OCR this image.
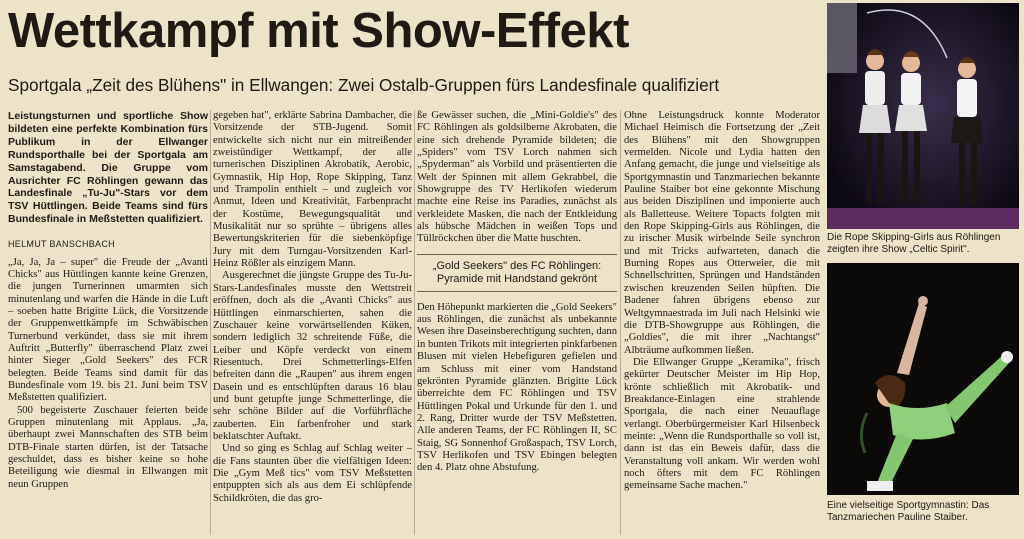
Wettkampf mit Show-Effekt
Sportgala „Zeit des Blühens" in Ellwangen: Zwei Ostalb-Gruppen fürs Landesfinale qualifiziert

Leistungsturnen und sportliche Show bildeten eine perfekte Kombination fürs Publikum in der Ellwanger Rundsporthalle bei der Sportgala am Samstagabend. Die Gruppe vom Ausrichter FC Röhlingen gewann das Landesfinale „Tu-Ju"-Stars vor dem TSV Hüttlingen. Beide Teams sind fürs Bundesfinale in Meßstetten qualifiziert.

HELMUT BANSCHBACH

„Ja, Ja, Ja – super" die Freude der „Avanti Chicks" aus Hüttlingen kannte keine Grenzen, die jungen Turnerinnen umarmten sich minutenlang und warfen die Hände in die Luft – soeben hatte Brigitte Lück, die Vorsitzende der Gruppenwettkämpfe im Schwäbischen Turnerbund verkündet, dass sie mit ihrem Auftritt „Butterfly" überraschend Platz zwei hinter Sieger „Gold Seekers" des FCR belegten. Beide Teams sind damit für das Bundesfinale vom 19. bis 21. Juni beim TSV Meßstetten qualifiziert.

500 begeisterte Zuschauer feierten beide Gruppen minutenlang mit Applaus. „Ja, überhaupt zwei Mannschaften des STB beim DTB-Finale starten dürfen, ist der Tatsache geschuldet, dass es bisher keine so hohe Beteiligung wie diesmal in Ellwangen mit neun Gruppen

gegeben hat", erklärte Sabrina Dambacher, die Vorsitzende der STB-Jugend. Somit entwickelte sich nicht nur ein mitreißender zweistündiger Wettkampf, der alle turnerischen Disziplinen Akrobatik, Aerobic, Gymnastik, Hip Hop, Rope Skipping, Tanz und Trampolin enthielt – und zugleich vor Anmut, Ideen und Kreativität, Farbenpracht der Kostüme, Bewegungsqualität und Musikalität nur so sprühte – übrigens alles Bewertungskriterien für die siebenköpfige Jury mit dem Turngau-Vorsitzenden Karl-Heinz Rößler als einzigem Mann.

Ausgerechnet die jüngste Gruppe des Tu-Ju-Stars-Landesfinales musste den Wettstreit eröffnen, doch als die „Avanti Chicks" aus Hüttlingen einmarschierten, sahen die Zuschauer keine vorwärtsellenden Küken, sondern lediglich 32 schreitende Füße, die Leiber und Köpfe verdeckt von einem Riesentuch. Drei Schmetterlings-Elfen befreiten dann die „Raupen" aus ihrem engen Dasein und es entschlüpften daraus 16 blau und bunt getupfte junge Schmetterlinge, die sehr schöne Bilder auf die Vorführfläche zauberten. Ein farbenfroher und stark beklatschter Auftakt.

Und so ging es Schlag auf Schlag weiter – die Fans staunten über die vielfältigen Ideen: Die „Gym Meß tics" vom TSV Meßstetten entpuppten sich als aus dem Ei schlüpfende Schildkröten, die das gro-

ße Gewässer suchen, die „Mini-Goldie's" des FC Röhlingen als goldsilberne Akrobaten, die eine sich drehende Pyramide bildeten; die „Spiders" vom TSV Lorch nahmen sich „Spyderman" als Vorbild und präsentierten die Welt der Spinnen mit allem Gekrabbel, die Showgruppe des TV Herlikofen wiederum machte eine Reise ins Paradies, zunächst als verkleidete Masken, die nach der Entkleidung als hübsche Mädchen in weißen Tops und Tüllröckchen über die Matte huschten.

„Gold Seekers" des FC Röhlingen: Pyramide mit Handstand gekrönt

Den Höhepunkt markierten die „Gold Seekers" aus Röhlingen, die zunächst als unbekannte Wesen ihre Daseinsberechtigung suchten, dann in bunten Trikots mit integrierten pinkfarbenen Blusen mit vielen Hebefiguren gefielen und am Schluss mit einer vom Handstand gekrönten Pyramide glänzten. Brigitte Lück überreichte dem FC Röhlingen und TSV Hüttlingen Pokal und Urkunde für den 1. und 2. Rang, Dritter wurde der TSV Meßstetten. Alle anderen Teams, der FC Röhlingen II, SC Staig, SG Sonnenhof Großaspach, TSV Lorch, TSV Herlikofen und TSV Ebingen belegten den 4. Platz ohne Abstufung.

Ohne Leistungsdruck konnte Moderator Michael Heimisch die Fortsetzung der „Zeit des Blühens" mit den Showgruppen vermelden. Nicole und Lydia hatten den Anfang gemacht, die junge und vielseitige als Sportgymnastin und Tanzmariechen bekannte Pauline Staiber bot eine gekonnte Mischung aus beiden Disziplinen und imponierte auch als Balletteuse. Weitere Topacts folgten mit den Rope Skipping-Girls aus Röhlingen, die zu irischer Musik wirbelnde Seile synchron und mit Tricks aufwarteten, danach die Burning Ropes aus Otterweier, die mit Schnellschritten, Sprüngen und Handständen zwischen kreuzenden Seilen hüpften. Die Badener fahren übrigens ebenso zur Weltgymnaestrada im Juli nach Helsinki wie die DTB-Showgruppe aus Röhlingen, die „Goldies", die mit ihrer „Nachtangst" Albträume aufkommen ließen.

Die Ellwanger Gruppe „Keramika", frisch gekürter Deutscher Meister im Hip Hop, krönte schließlich mit Akrobatik- und Breakdance-Einlagen eine strahlende Sportgala, die nach einer Neuauflage verlangt. Oberbürgermeister Karl Hilsenbeck meinte: „Wenn die Rundsporthalle so voll ist, dann ist das ein Beweis dafür, dass die Veranstaltung voll ankam. Wir werden wohl noch öfters mit dem FC Röhlingen gemeinsame Sache machen."

Die Rope Skipping-Girls aus Röhlingen zeigten ihre Show „Celtic Spirit".
Eine vielseitige Sportgymnastin: Das Tanzmariechen Pauline Staiber.
